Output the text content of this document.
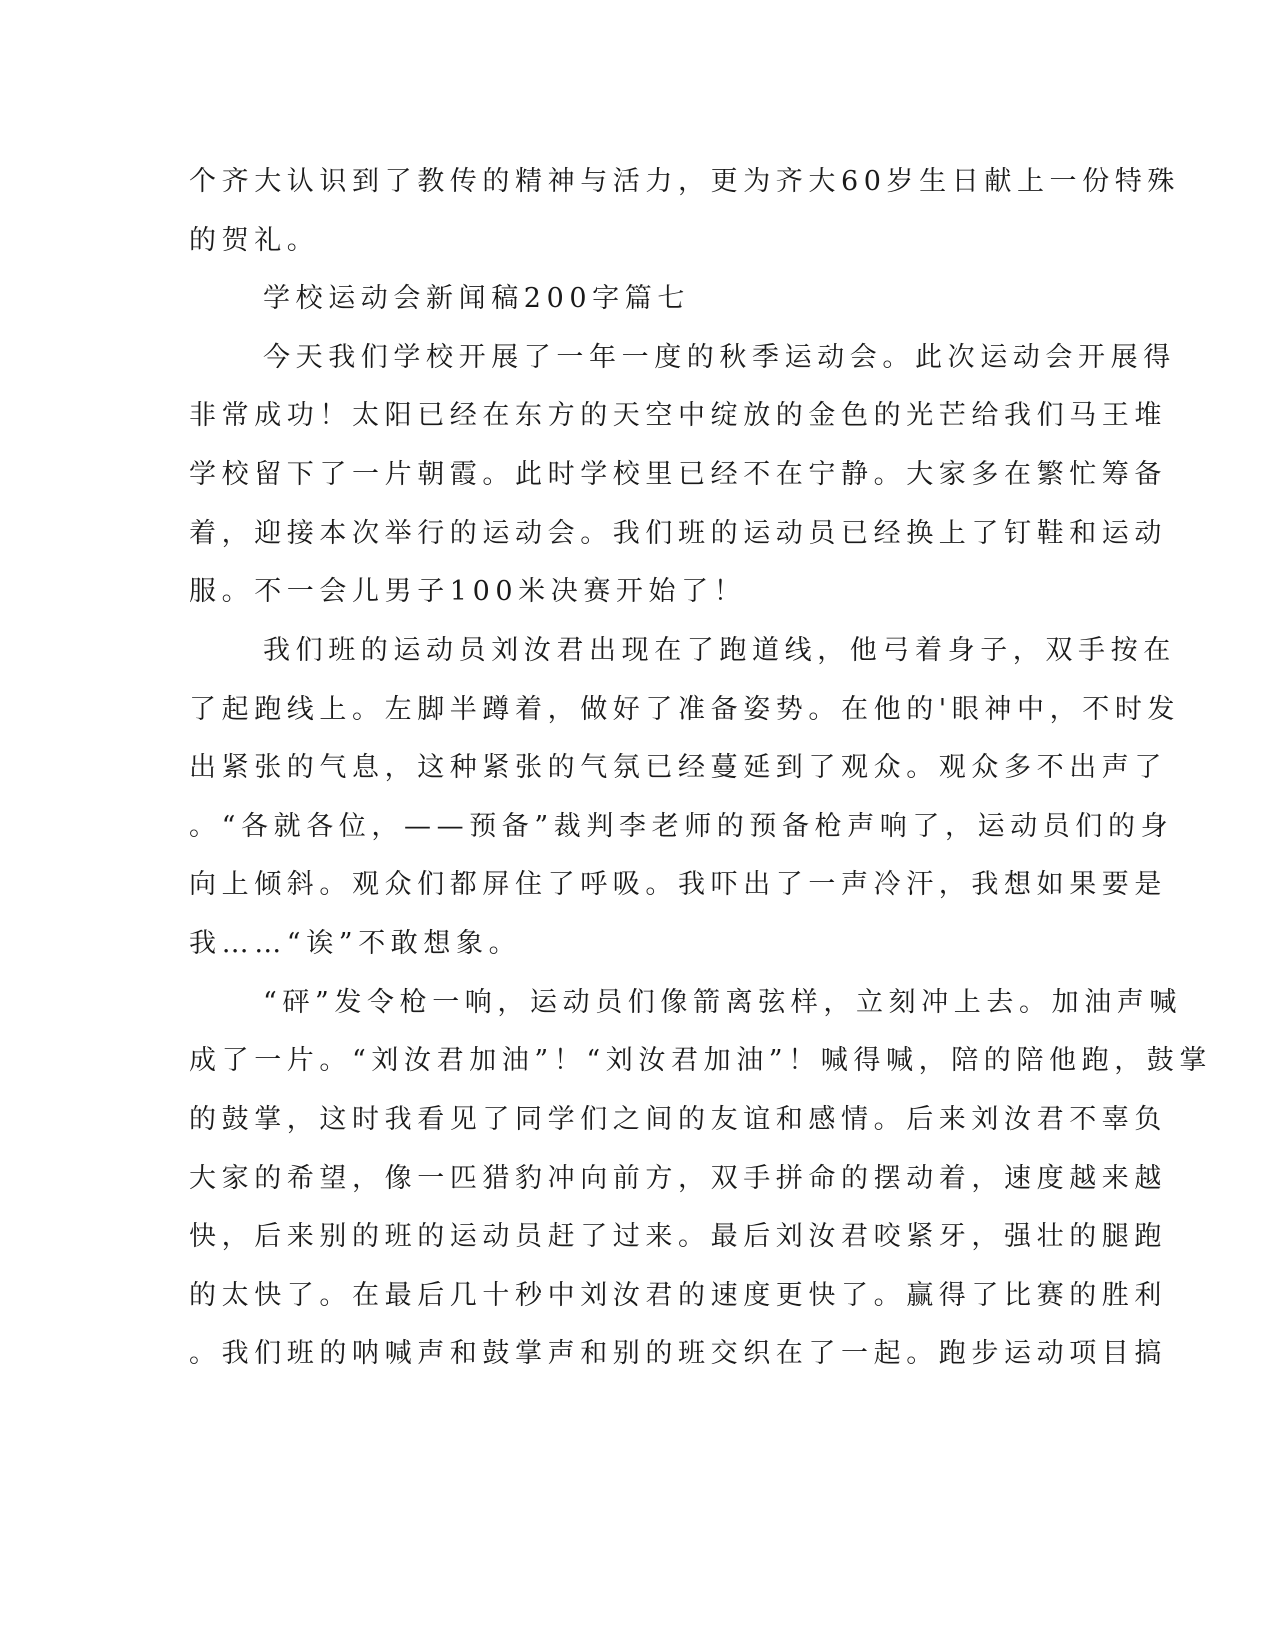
个齐大认识到了教传的精神与活力，更为齐大60岁生日献上一份特殊
的贺礼。
学校运动会新闻稿200字篇七
今天我们学校开展了一年一度的秋季运动会。此次运动会开展得
非常成功！太阳已经在东方的天空中绽放的金色的光芒给我们马王堆
学校留下了一片朝霞。此时学校里已经不在宁静。大家多在繁忙筹备
着，迎接本次举行的运动会。我们班的运动员已经换上了钉鞋和运动
服。不一会儿男子100米决赛开始了！
我们班的运动员刘汝君出现在了跑道线，他弓着身子，双手按在
了起跑线上。左脚半蹲着，做好了准备姿势。在他的'眼神中，不时发
出紧张的气息，这种紧张的气氛已经蔓延到了观众。观众多不出声了
。“各就各位，——预备”裁判李老师的预备枪声响了，运动员们的身
向上倾斜。观众们都屏住了呼吸。我吓出了一声冷汗，我想如果要是
我……“诶”不敢想象。
“砰”发令枪一响，运动员们像箭离弦样，立刻冲上去。加油声喊
成了一片。“刘汝君加油”！“刘汝君加油”！喊得喊，陪的陪他跑，鼓掌
的鼓掌，这时我看见了同学们之间的友谊和感情。后来刘汝君不辜负
大家的希望，像一匹猎豹冲向前方，双手拼命的摆动着，速度越来越
快，后来别的班的运动员赶了过来。最后刘汝君咬紧牙，强壮的腿跑
的太快了。在最后几十秒中刘汝君的速度更快了。赢得了比赛的胜利
。我们班的呐喊声和鼓掌声和别的班交织在了一起。跑步运动项目搞
